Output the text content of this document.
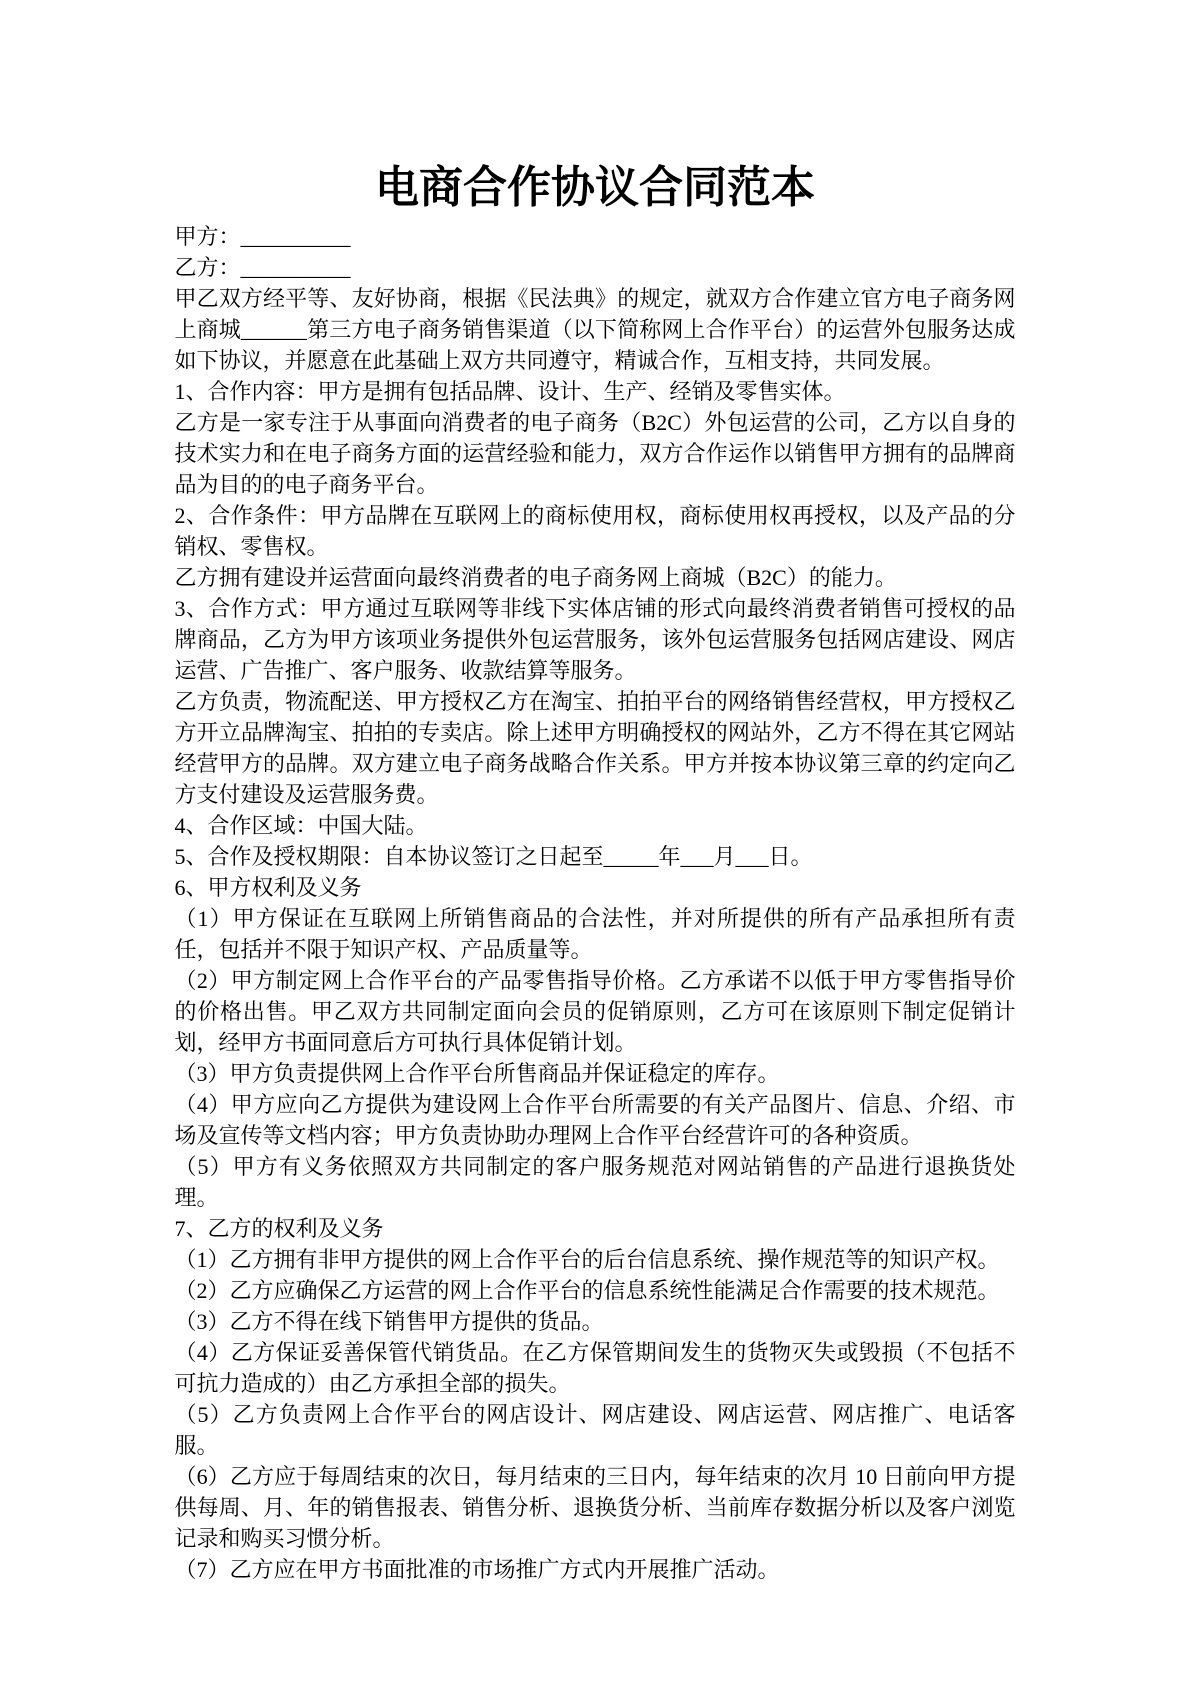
电商合作协议合同范本

甲方：__________

乙方：__________

甲乙双方经平等、友好协商，根据《民法典》的规定，就双方合作建立官方电子商务网上商城______第三方电子商务销售渠道（以下简称网上合作平台）的运营外包服务达成如下协议，并愿意在此基础上双方共同遵守，精诚合作，互相支持，共同发展。

1、合作内容：甲方是拥有包括品牌、设计、生产、经销及零售实体。

乙方是一家专注于从事面向消费者的电子商务（B2C）外包运营的公司，乙方以自身的技术实力和在电子商务方面的运营经验和能力，双方合作运作以销售甲方拥有的品牌商品为目的的电子商务平台。

2、合作条件：甲方品牌在互联网上的商标使用权，商标使用权再授权，以及产品的分销权、零售权。

乙方拥有建设并运营面向最终消费者的电子商务网上商城（B2C）的能力。

3、合作方式：甲方通过互联网等非线下实体店铺的形式向最终消费者销售可授权的品牌商品，乙方为甲方该项业务提供外包运营服务，该外包运营服务包括网店建设、网店运营、广告推广、客户服务、收款结算等服务。

乙方负责，物流配送、甲方授权乙方在淘宝、拍拍平台的网络销售经营权，甲方授权乙方开立品牌淘宝、拍拍的专卖店。除上述甲方明确授权的网站外，乙方不得在其它网站经营甲方的品牌。双方建立电子商务战略合作关系。甲方并按本协议第三章的约定向乙方支付建设及运营服务费。

4、合作区域：中国大陆。

5、合作及授权期限：自本协议签订之日起至_____年___月___日。

6、甲方权利及义务

（1）甲方保证在互联网上所销售商品的合法性，并对所提供的所有产品承担所有责任，包括并不限于知识产权、产品质量等。

（2）甲方制定网上合作平台的产品零售指导价格。乙方承诺不以低于甲方零售指导价的价格出售。甲乙双方共同制定面向会员的促销原则，乙方可在该原则下制定促销计划，经甲方书面同意后方可执行具体促销计划。

（3）甲方负责提供网上合作平台所售商品并保证稳定的库存。

（4）甲方应向乙方提供为建设网上合作平台所需要的有关产品图片、信息、介绍、市场及宣传等文档内容；甲方负责协助办理网上合作平台经营许可的各种资质。

（5）甲方有义务依照双方共同制定的客户服务规范对网站销售的产品进行退换货处理。

7、乙方的权利及义务

（1）乙方拥有非甲方提供的网上合作平台的后台信息系统、操作规范等的知识产权。

（2）乙方应确保乙方运营的网上合作平台的信息系统性能满足合作需要的技术规范。

（3）乙方不得在线下销售甲方提供的货品。

（4）乙方保证妥善保管代销货品。在乙方保管期间发生的货物灭失或毁损（不包括不可抗力造成的）由乙方承担全部的损失。

（5）乙方负责网上合作平台的网店设计、网店建设、网店运营、网店推广、电话客服。

（6）乙方应于每周结束的次日，每月结束的三日内，每年结束的次月 10 日前向甲方提供每周、月、年的销售报表、销售分析、退换货分析、当前库存数据分析以及客户浏览记录和购买习惯分析。

（7）乙方应在甲方书面批准的市场推广方式内开展推广活动。
